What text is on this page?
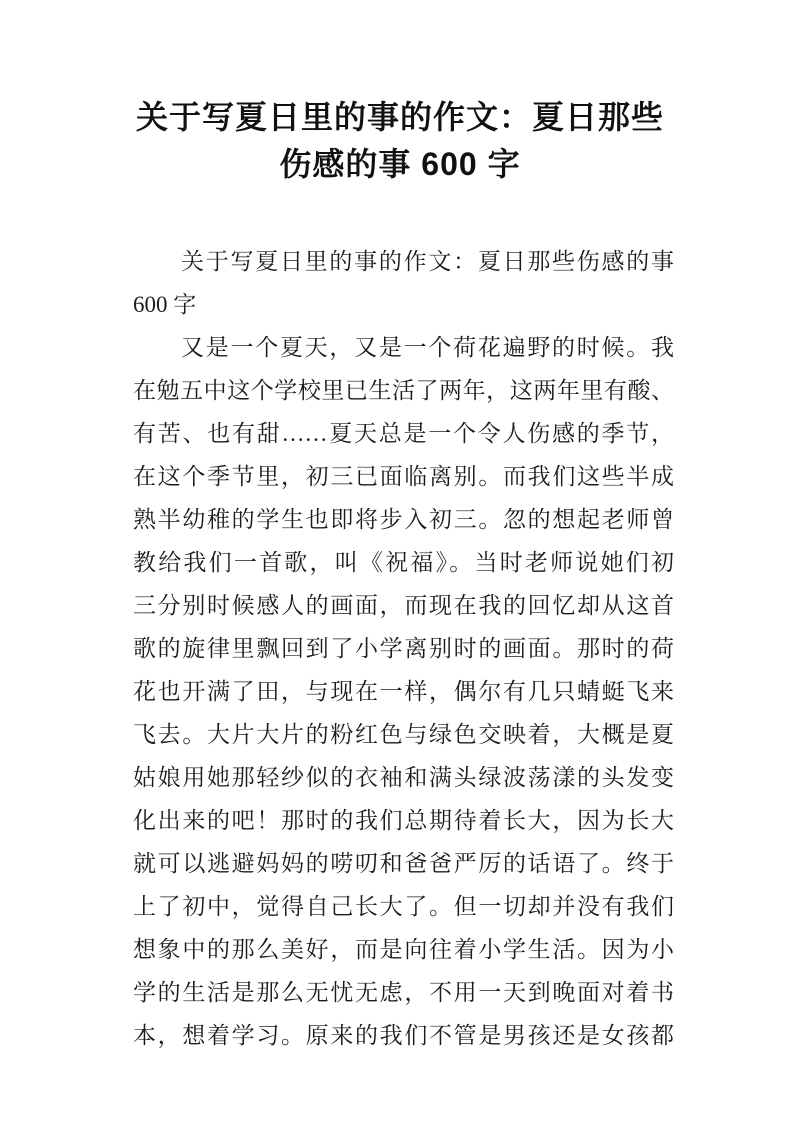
关于写夏日里的事的作文：夏日那些
伤感的事 600 字
关于写夏日里的事的作文：夏日那些伤感的事
600 字
又是一个夏天，又是一个荷花遍野的时候。我
在勉五中这个学校里已生活了两年，这两年里有酸、
有苦、也有甜……夏天总是一个令人伤感的季节，
在这个季节里，初三已面临离别。而我们这些半成
熟半幼稚的学生也即将步入初三。忽的想起老师曾
教给我们一首歌，叫《祝福》。当时老师说她们初
三分别时候感人的画面，而现在我的回忆却从这首
歌的旋律里飘回到了小学离别时的画面。那时的荷
花也开满了田，与现在一样，偶尔有几只蜻蜓飞来
飞去。大片大片的粉红色与绿色交映着，大概是夏
姑娘用她那轻纱似的衣袖和满头绿波荡漾的头发变
化出来的吧！那时的我们总期待着长大，因为长大
就可以逃避妈妈的唠叨和爸爸严厉的话语了。终于
上了初中，觉得自己长大了。但一切却并没有我们
想象中的那么美好，而是向往着小学生活。因为小
学的生活是那么无忧无虑，不用一天到晚面对着书
本，想着学习。原来的我们不管是男孩还是女孩都
